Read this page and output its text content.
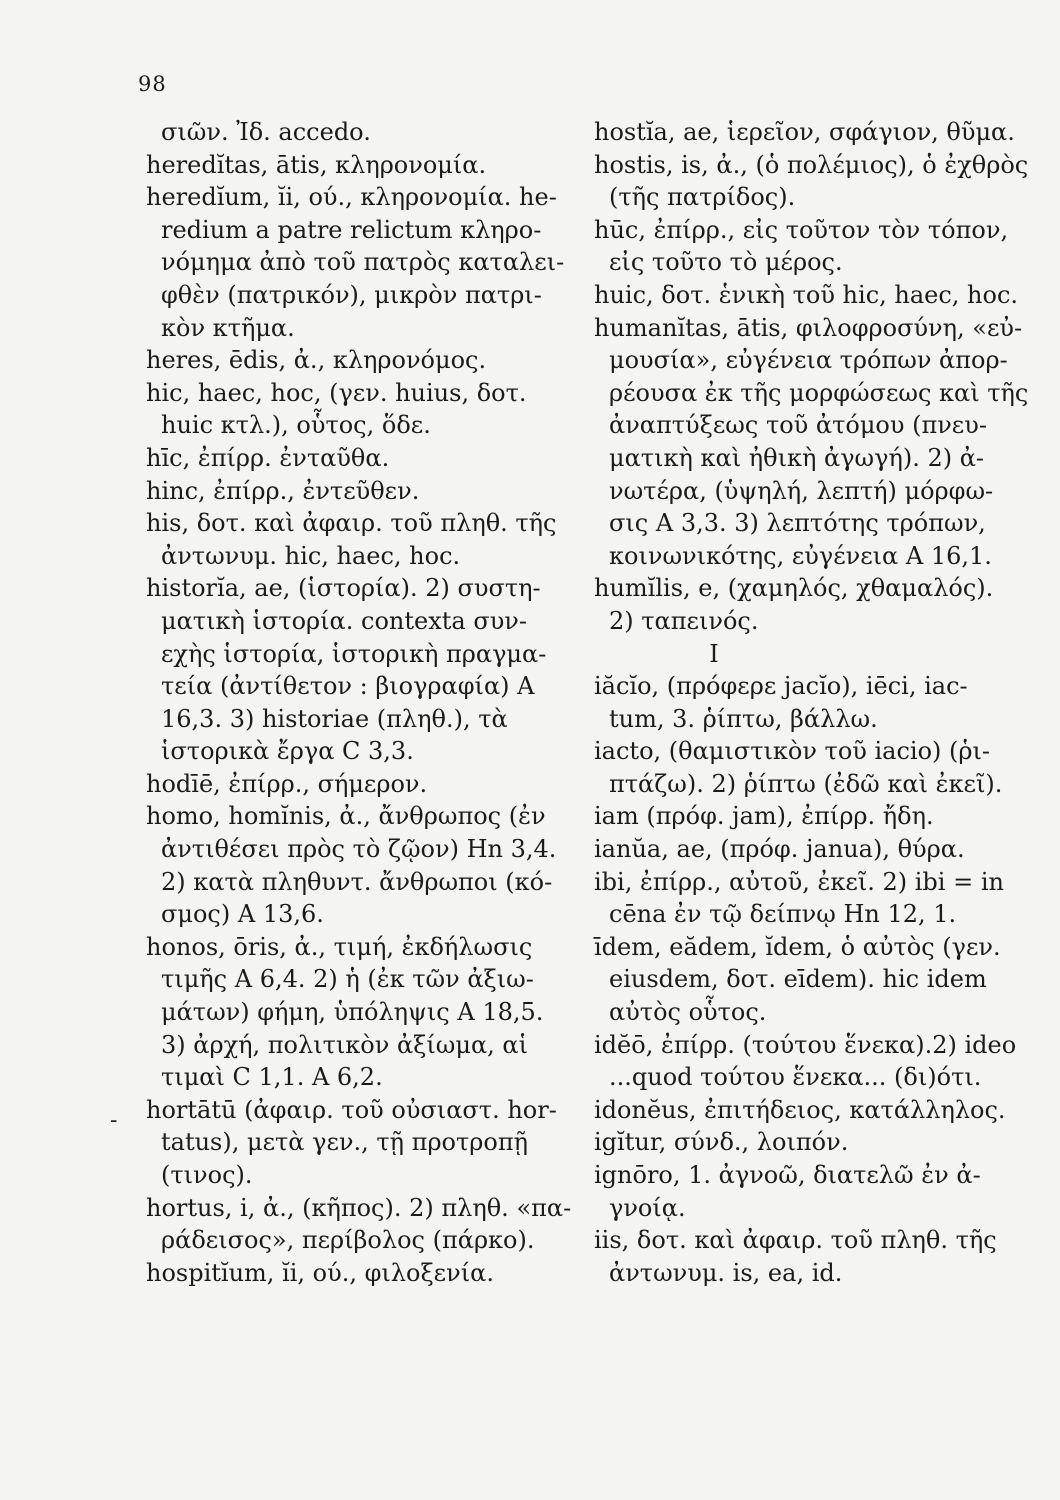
98
-
σιῶν. Ἰδ. accedo.
heredĭtas, ātis, κληρονομία.
heredĭum, ĭi, ού., κληρονομία. he-
redium a patre relictum κληρο-
νόμημα ἀπὸ τοῦ πατρὸς καταλει-
φθὲν (πατρικόν), μικρὸν πατρι-
κὸν κτῆμα.
heres, ēdis, ἀ., κληρονόμος.
hic, haec, hoc, (γεν. huius, δοτ.
huic κτλ.), οὗτος, ὅδε.
hīc, ἐπίρρ. ἐνταῦθα.
hinc, ἐπίρρ., ἐντεῦθεν.
his, δοτ. καὶ ἀφαιρ. τοῦ πληθ. τῆς
ἀντωνυμ. hic, haec, hoc.
historĭa, ae, (ἱστορία). 2) συστη-
ματικὴ ἱστορία. contexta συν-
εχὴς ἱστορία, ἱστορικὴ πραγμα-
τεία (ἀντίθετον : βιογραφία) A
16,3. 3) historiae (πληθ.), τὰ
ἱστορικὰ ἔργα C 3,3.
hodīē, ἐπίρρ., σήμερον.
homo, homĭnis, ἀ., ἄνθρωπος (ἐν
ἀντιθέσει πρὸς τὸ ζῷον) Hn 3,4.
2) κατὰ πληθυντ. ἄνθρωποι (κό-
σμος) A 13,6.
honos, ōris, ἀ., τιμή, ἐκδήλωσις
τιμῆς A 6,4. 2) ἡ (ἐκ τῶν ἀξιω-
μάτων) φήμη, ὑπόληψις A 18,5.
3) ἀρχή, πολιτικὸν ἀξίωμα, αἱ
τιμαὶ C 1,1. A 6,2.
hortātū (ἀφαιρ. τοῦ οὐσιαστ. hor-
tatus), μετὰ γεν., τῇ προτροπῇ
(τινος).
hortus, i, ἀ., (κῆπος). 2) πληθ. «πα-
ράδεισος», περίβολος (πάρκο).
hospitĭum, ĭi, ού., φιλοξενία.
hostĭa, ae, ἱερεῖον, σφάγιον, θῦμα.
hostis, is, ἀ., (ὁ πολέμιος), ὁ ἐχθρὸς
(τῆς πατρίδος).
hūc, ἐπίρρ., εἰς τοῦτον τὸν τόπον,
εἰς τοῦτο τὸ μέρος.
huic, δοτ. ἑνικὴ τοῦ hic, haec, hoc.
humanĭtas, ātis, φιλοφροσύνη, «εὐ-
μουσία», εὐγένεια τρόπων ἀπορ-
ρέουσα ἐκ τῆς μορφώσεως καὶ τῆς
ἀναπτύξεως τοῦ ἀτόμου (πνευ-
ματικὴ καὶ ἠθικὴ ἀγωγή). 2) ἀ-
νωτέρα, (ὑψηλή, λεπτή) μόρφω-
σις A 3,3. 3) λεπτότης τρόπων,
κοινωνικότης, εὐγένεια A 16,1.
humĭlis, e, (χαμηλός, χθαμαλός).
2) ταπεινός.
I
iăcĭo, (πρόφερε jacĭo), iēci, iac-
tum, 3. ῥίπτω, βάλλω.
iacto, (θαμιστικὸν τοῦ iacio) (ῥι-
πτάζω). 2) ῥίπτω (ἐδῶ καὶ ἐκεῖ).
iam (πρόφ. jam), ἐπίρρ. ἤδη.
ianŭa, ae, (πρόφ. janua), θύρα.
ibi, ἐπίρρ., αὐτοῦ, ἐκεῖ. 2) ibi = in
cēna ἐν τῷ δείπνῳ Hn 12, 1.
īdem, eădem, ĭdem, ὁ αὐτὸς (γεν.
eiusdem, δοτ. eīdem). hic idem
αὐτὸς οὗτος.
idĕō, ἐπίρρ. (τούτου ἕνεκα).2) ideo
...quod τούτου ἕνεκα... (δι)ότι.
idonĕus, ἐπιτήδειος, κατάλληλος.
igĭtur, σύνδ., λοιπόν.
ignōro, 1. ἀγνοῶ, διατελῶ ἐν ἀ-
γνοίᾳ.
iis, δοτ. καὶ ἀφαιρ. τοῦ πληθ. τῆς
ἀντωνυμ. is, ea, id.
